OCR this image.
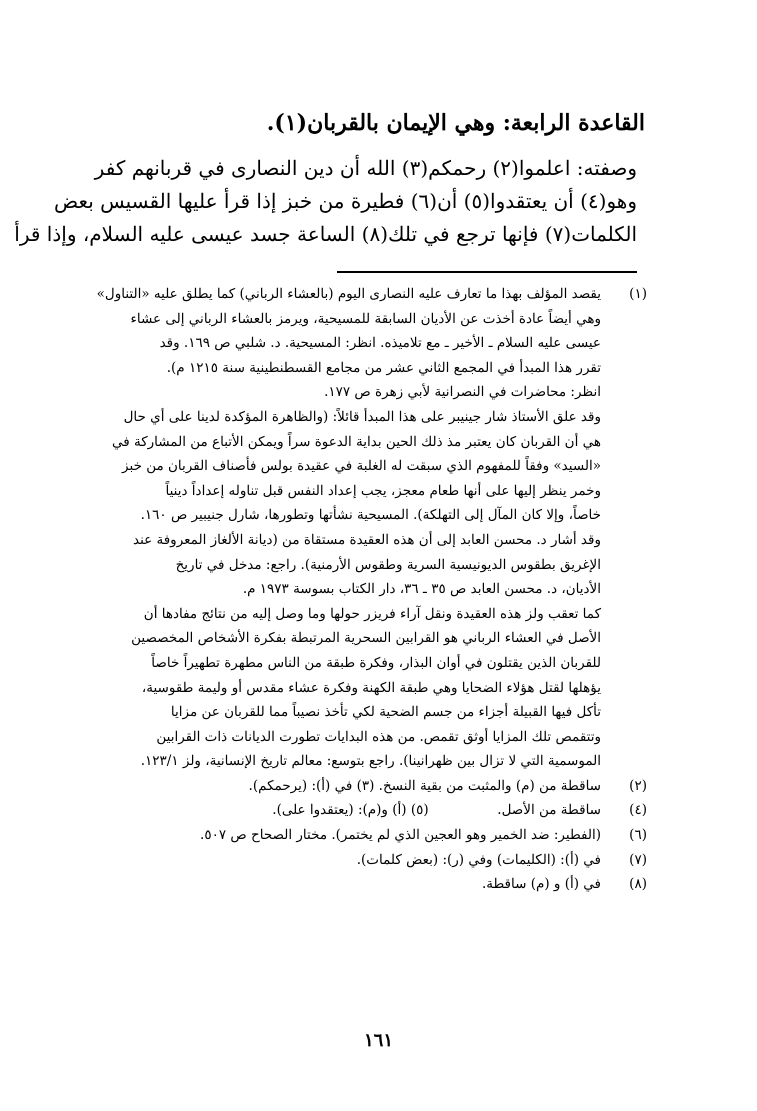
القاعدة الرابعة: وهي الإيمان بالقربان(١).
وصفته: اعلموا(٢) رحمكم(٣) الله أن دين النصارى في قربانهم كفر
وهو(٤) أن يعتقدوا(٥) أن(٦) فطيرة من خبز إذا قرأ عليها القسيس بعض
الكلمات(٧) فإنها ترجع في تلك(٨) الساعة جسد عيسى عليه السلام، وإذا قرأ
(١)
يقصد المؤلف بهذا ما تعارف عليه النصارى اليوم (بالعشاء الرباني) كما يطلق عليه «التناول»
وهي أيضاً عادة أخذت عن الأديان السابقة للمسيحية، ويرمز بالعشاء الرباني إلى عشاء
عيسى عليه السلام ـ الأخير ـ مع تلاميذه. انظر: المسيحية. د. شلبي ص ١٦٩. وقد
تقرر هذا المبدأ في المجمع الثاني عشر من مجامع القسطنطينية سنة ١٢١٥ م).
انظر: محاضرات في النصرانية لأبي زهرة ص ١٧٧.
وقد علق الأستاذ شار جينيبر على هذا المبدأ قائلاً: (والظاهرة المؤكدة لدينا على أي حال
هي أن القربان كان يعتبر مذ ذلك الحين بداية الدعوة سراً ويمكن الأتباع من المشاركة في
«السيد» وفقاً للمفهوم الذي سبقت له الغلبة في عقيدة بولس فأصناف القربان من خبز
وخمر ينظر إليها على أنها طعام معجز، يجب إعداد النفس قبل تناوله إعداداً دينياً
خاصاً، وإلا كان المآل إلى التهلكة). المسيحية نشأتها وتطورها، شارل جنيبير ص ١٦٠.
وقد أشار د. محسن العابد إلى أن هذه العقيدة مستقاة من (ديانة الألغاز المعروفة عند
الإغريق بطقوس الديونيسية السرية وطقوس الأرمنية). راجع: مدخل في تاريخ
الأديان، د. محسن العابد ص ٣٥ ـ ٣٦، دار الكتاب بسوسة ١٩٧٣ م.
كما تعقب ولز هذه العقيدة ونقل آراء فريزر حولها وما وصل إليه من نتائج مفادها أن
الأصل في العشاء الرباني هو القرابين السحرية المرتبطة بفكرة الأشخاص المخصصين
للقربان الذين يقتلون في أوان البذار، وفكرة طبقة من الناس مطهرة تطهيراً خاصاً
يؤهلها لقتل هؤلاء الضحايا وهي طبقة الكهنة وفكرة عشاء مقدس أو وليمة طقوسية،
تأكل فيها القبيلة أجزاء من جسم الضحية لكي تأخذ نصيباً مما للقربان عن مزايا
وتتقمص تلك المزايا أوثق تقمص. من هذه البدايات تطورت الديانات ذات القرابين
الموسمية التي لا تزال بين ظهرانينا). راجع بتوسع: معالم تاريخ الإنسانية، ولز ١٢٣/١.
(٢)
ساقطة من (م) والمثبت من بقية النسخ. (٣) في (أ): (يرحمكم).
(٤)
ساقطة من الأصل.                (٥) (أ) و(م): (يعتقدوا على).
(٦)
(الفطير: ضد الخمير وهو العجين الذي لم يختمر). مختار الصحاح ص ٥٠٧.
(٧)
في (أ): (الكليمات) وفي (ر): (بعض كلمات).
(٨)
في (أ) و (م) ساقطة.
١٦١
